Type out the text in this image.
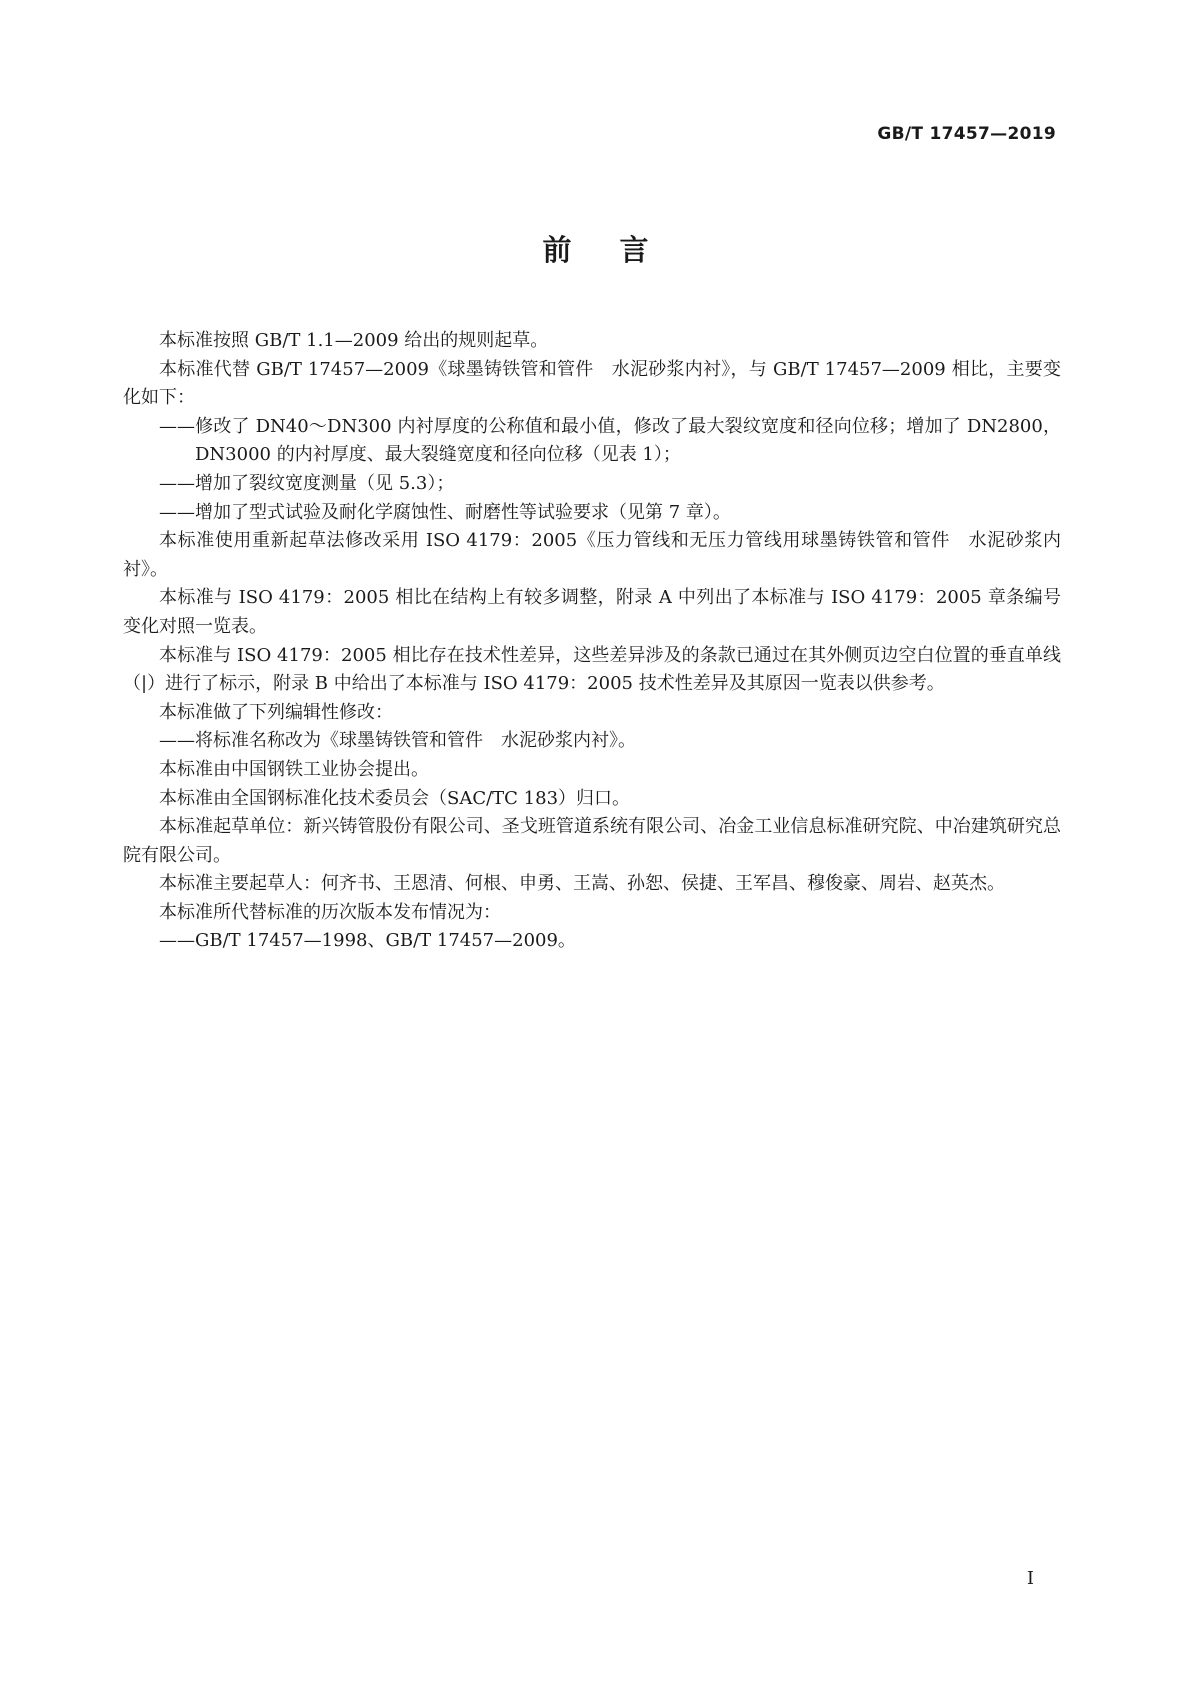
GB/T 17457—2019
前言

本标准按照 GB/T 1.1—2009 给出的规则起草。

本标准代替 GB/T 17457—2009《球墨铸铁管和管件　水泥砂浆内衬》，与 GB/T 17457—2009 相比，主要变化如下：

——修改了 DN40～DN300 内衬厚度的公称值和最小值，修改了最大裂纹宽度和径向位移；增加了 DN2800，DN3000 的内衬厚度、最大裂缝宽度和径向位移（见表 1）；

——增加了裂纹宽度测量（见 5.3）；

——增加了型式试验及耐化学腐蚀性、耐磨性等试验要求（见第 7 章）。

本标准使用重新起草法修改采用 ISO 4179：2005《压力管线和无压力管线用球墨铸铁管和管件　水泥砂浆内衬》。

本标准与 ISO 4179：2005 相比在结构上有较多调整，附录 A 中列出了本标准与 ISO 4179：2005 章条编号变化对照一览表。

本标准与 ISO 4179：2005 相比存在技术性差异，这些差异涉及的条款已通过在其外侧页边空白位置的垂直单线（|）进行了标示，附录 B 中给出了本标准与 ISO 4179：2005 技术性差异及其原因一览表以供参考。

本标准做了下列编辑性修改：

——将标准名称改为《球墨铸铁管和管件　水泥砂浆内衬》。

本标准由中国钢铁工业协会提出。

本标准由全国钢标准化技术委员会（SAC/TC 183）归口。

本标准起草单位：新兴铸管股份有限公司、圣戈班管道系统有限公司、冶金工业信息标准研究院、中冶建筑研究总院有限公司。

本标准主要起草人：何齐书、王恩清、何根、申勇、王嵩、孙恕、侯捷、王军昌、穆俊豪、周岩、赵英杰。

本标准所代替标准的历次版本发布情况为：

——GB/T 17457—1998、GB/T 17457—2009。

I
